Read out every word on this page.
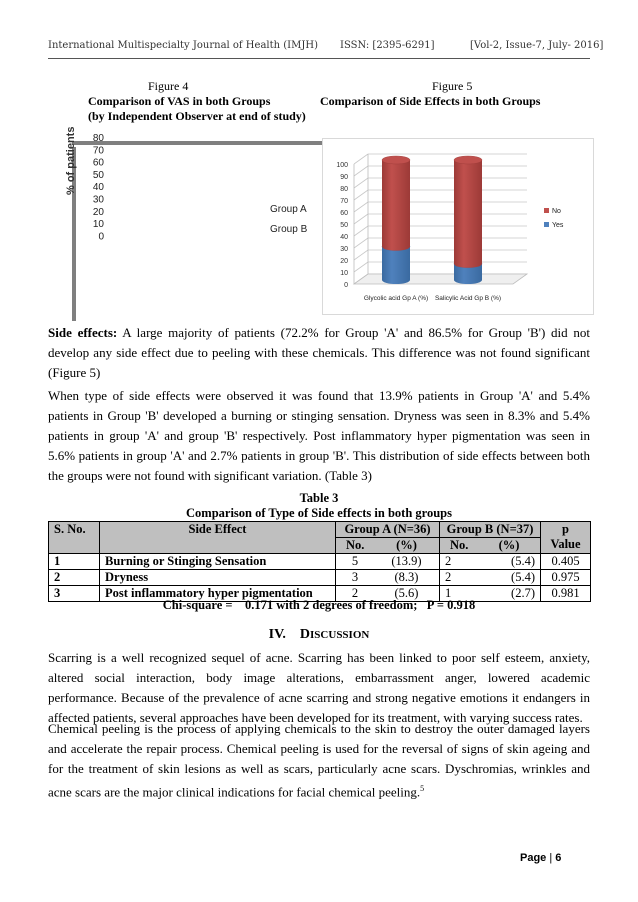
International Multispecialty Journal of Health (IMJH) ISSN: [2395-6291]	[Vol-2, Issue-7, July- 2016]
Figure 4
Comparison of VAS in both Groups
(by Independent Observer at end of study)
Figure 5
Comparison of Side Effects in both Groups
80
70
60
50
40
30
20
10
0
% of patients
Group A
Group B
0
10
20
30
40
50
60
70
80
90
100
Glycolic acid Gp A (%) Salicylic Acid Gp B (%)
No
Yes
Side effects: A large majority of patients (72.2% for Group 'A' and 86.5% for Group 'B') did not develop any side effect due to peeling with these chemicals. This difference was not found significant (Figure 5)
When type of side effects were observed it was found that 13.9% patients in Group 'A' and 5.4% patients in Group 'B' developed a burning or stinging sensation. Dryness was seen in 8.3% and 5.4% patients in group 'A' and group 'B' respectively. Post inflammatory hyper pigmentation was seen in 5.6% patients in group 'A' and 2.7% patients in group 'B'. This distribution of side effects between both the groups were not found with significant variation. (Table 3)
Table 3
Comparison of Type of Side effects in both groups
S. No.	Side Effect	Group A (N=36)		Group B (N=37)		p Value
		No.	(%)	No.	(%)	
1	Burning or Stinging Sensation	5	(13.9)	2	(5.4)	0.405
2	Dryness	3	(8.3)	2	(5.4)	0.975
3	Post inflammatory hyper pigmentation	2	(5.6)	1	(2.7)	0.981
Chi-square =    0.171 with 2 degrees of freedom;   P = 0.918
IV. DISCUSSION
Scarring is a well recognized sequel of acne. Scarring has been linked to poor self esteem, anxiety, altered social interaction, body image alterations, embarrassment anger, lowered academic performance. Because of the prevalence of acne scarring and strong negative emotions it endangers in affected patients, several approaches have been developed for its treatment, with varying success rates.
Chemical peeling is the process of applying chemicals to the skin to destroy the outer damaged layers and accelerate the repair process. Chemical peeling is used for the reversal of signs of skin ageing and for the treatment of skin lesions as well as scars, particularly acne scars. Dyschromias, wrinkles and acne scars are the major clinical indications for facial chemical peeling.$^5$
Page | 6
